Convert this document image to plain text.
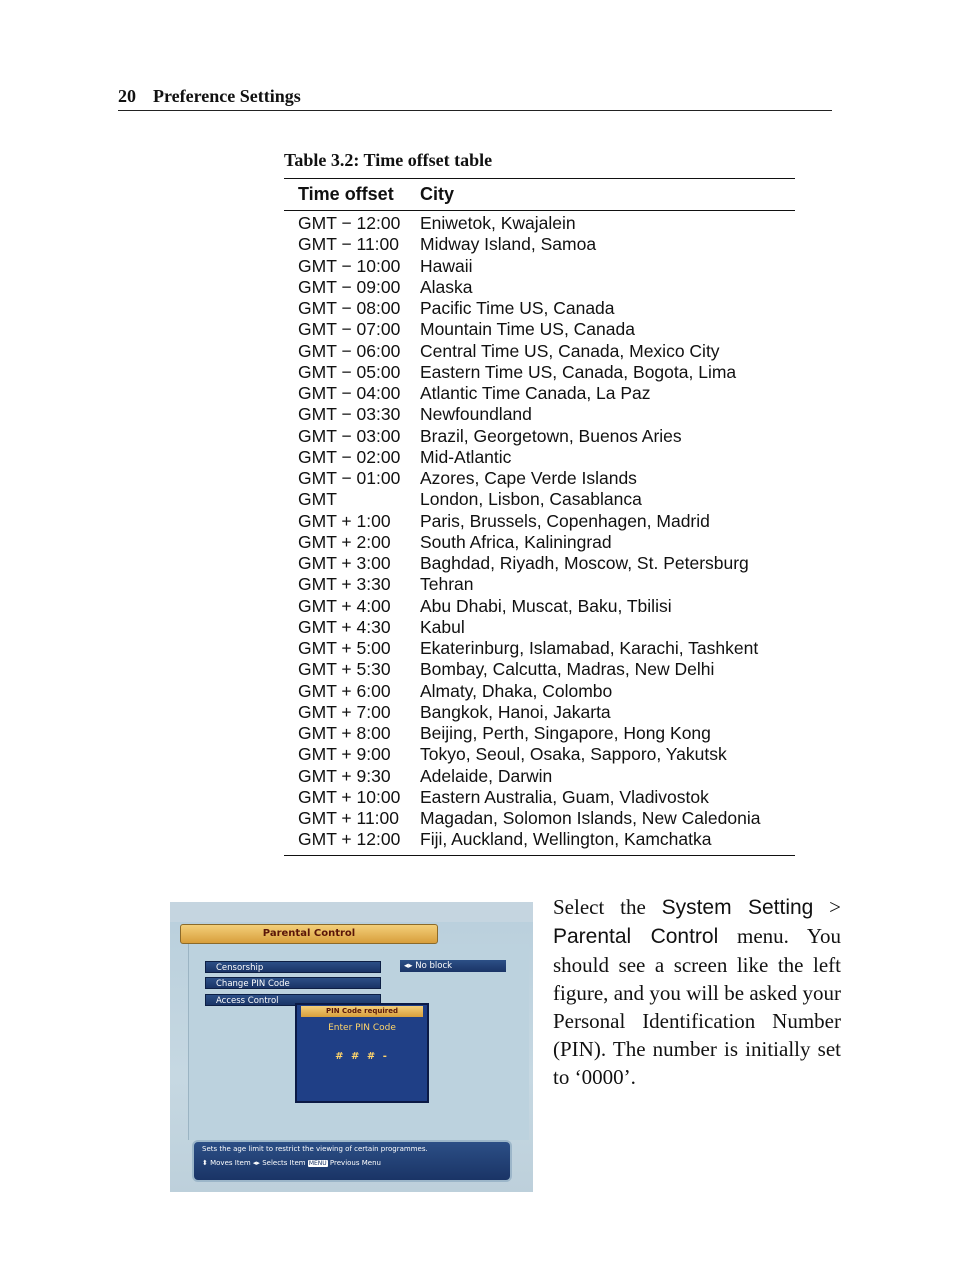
20 Preference Settings
Table 3.2: Time offset table
Time offset	City
GMT − 12:00	Eniwetok, Kwajalein
GMT − 11:00	Midway Island, Samoa
GMT − 10:00	Hawaii
GMT − 09:00	Alaska
GMT − 08:00	Pacific Time US, Canada
GMT − 07:00	Mountain Time US, Canada
GMT − 06:00	Central Time US, Canada, Mexico City
GMT − 05:00	Eastern Time US, Canada, Bogota, Lima
GMT − 04:00	Atlantic Time Canada, La Paz
GMT − 03:30	Newfoundland
GMT − 03:00	Brazil, Georgetown, Buenos Aries
GMT − 02:00	Mid-Atlantic
GMT − 01:00	Azores, Cape Verde Islands
GMT	London, Lisbon, Casablanca
GMT + 1:00	Paris, Brussels, Copenhagen, Madrid
GMT + 2:00	South Africa, Kaliningrad
GMT + 3:00	Baghdad, Riyadh, Moscow, St. Petersburg
GMT + 3:30	Tehran
GMT + 4:00	Abu Dhabi, Muscat, Baku, Tbilisi
GMT + 4:30	Kabul
GMT + 5:00	Ekaterinburg, Islamabad, Karachi, Tashkent
GMT + 5:30	Bombay, Calcutta, Madras, New Delhi
GMT + 6:00	Almaty, Dhaka, Colombo
GMT + 7:00	Bangkok, Hanoi, Jakarta
GMT + 8:00	Beijing, Perth, Singapore, Hong Kong
GMT + 9:00	Tokyo, Seoul, Osaka, Sapporo, Yakutsk
GMT + 9:30	Adelaide, Darwin
GMT + 10:00	Eastern Australia, Guam, Vladivostok
GMT + 11:00	Magadan, Solomon Islands, New Caledonia
GMT + 12:00	Fiji, Auckland, Wellington, Kamchatka
Parental Control
Censorship
Change PIN Code
Access Control
◂▸ No block
PIN Code required
Enter PIN Code
# # # -
Sets the age limit to restrict the viewing of certain programmes.
⬍ Moves Item ◂▸ Selects Item MENU Previous Menu
Select the System Setting > Parental Control menu. You should see a screen like the left figure, and you will be asked your Personal Identification Number (PIN). The number is initially set to ‘0000’.
